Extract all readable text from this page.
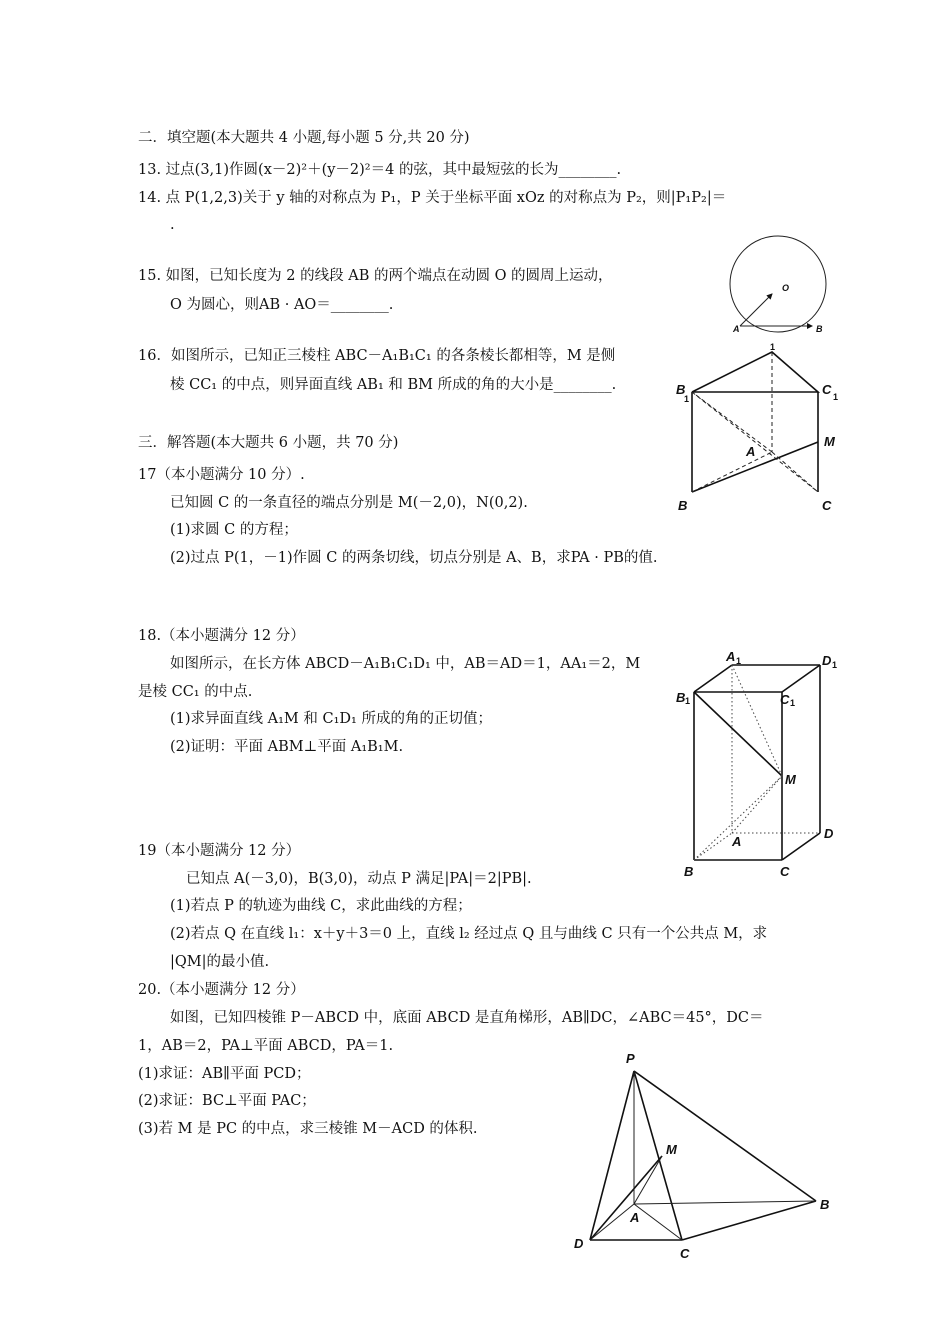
二．填空题(本大题共 4 小题,每小题 5 分,共 20 分)
13. 过点(3,1)作圆(x－2)²＋(y－2)²＝4 的弦，其中最短弦的长为________.
14. 点 P(1,2,3)关于 y 轴的对称点为 P₁，P 关于坐标平面 xOz 的对称点为 P₂，则|P₁P₂|＝
.
15. 如图，已知长度为 2 的线段 AB 的两个端点在动圆 O 的圆周上运动，
O 为圆心，则AB · AO＝________.
16．如图所示，已知正三棱柱 ABC－A₁B₁C₁ 的各条棱长都相等，M 是侧
棱 CC₁ 的中点，则异面直线 AB₁ 和 BM 所成的角的大小是________.
三．解答题(本大题共 6 小题，共 70 分)
17（本小题满分 10 分）.
已知圆 C 的一条直径的端点分别是 M(－2,0)，N(0,2).
(1)求圆 C 的方程；
(2)过点 P(1，－1)作圆 C 的两条切线，切点分别是 A、B，求PA · PB的值.
18.（本小题满分 12 分）
如图所示，在长方体 ABCD－A₁B₁C₁D₁ 中，AB＝AD＝1，AA₁＝2，M
是棱 CC₁ 的中点.
(1)求异面直线 A₁M 和 C₁D₁ 所成的角的正切值；
(2)证明：平面 ABM⊥平面 A₁B₁M.
19（本小题满分 12 分）
已知点 A(－3,0)，B(3,0)，动点 P 满足|PA|＝2|PB|.
(1)若点 P 的轨迹为曲线 C，求此曲线的方程；
(2)若点 Q 在直线 l₁：x＋y＋3＝0 上，直线 l₂ 经过点 Q 且与曲线 C 只有一个公共点 M，求
|QM|的最小值.
20.（本小题满分 12 分）
如图，已知四棱锥 P－ABCD 中，底面 ABCD 是直角梯形，AB∥DC，∠ABC＝45°，DC＝
1，AB＝2，PA⊥平面 ABCD，PA＝1.
(1)求证：AB∥平面 PCD；
(2)求证：BC⊥平面 PAC；
(3)若 M 是 PC 的中点，求三棱锥 M－ACD 的体积.
O
A	B
1
B
1
C 1
M
A
B	C
A 1	D 1
B 1	C 1
M
A
D
B	C
P
M
A
B
D
C
